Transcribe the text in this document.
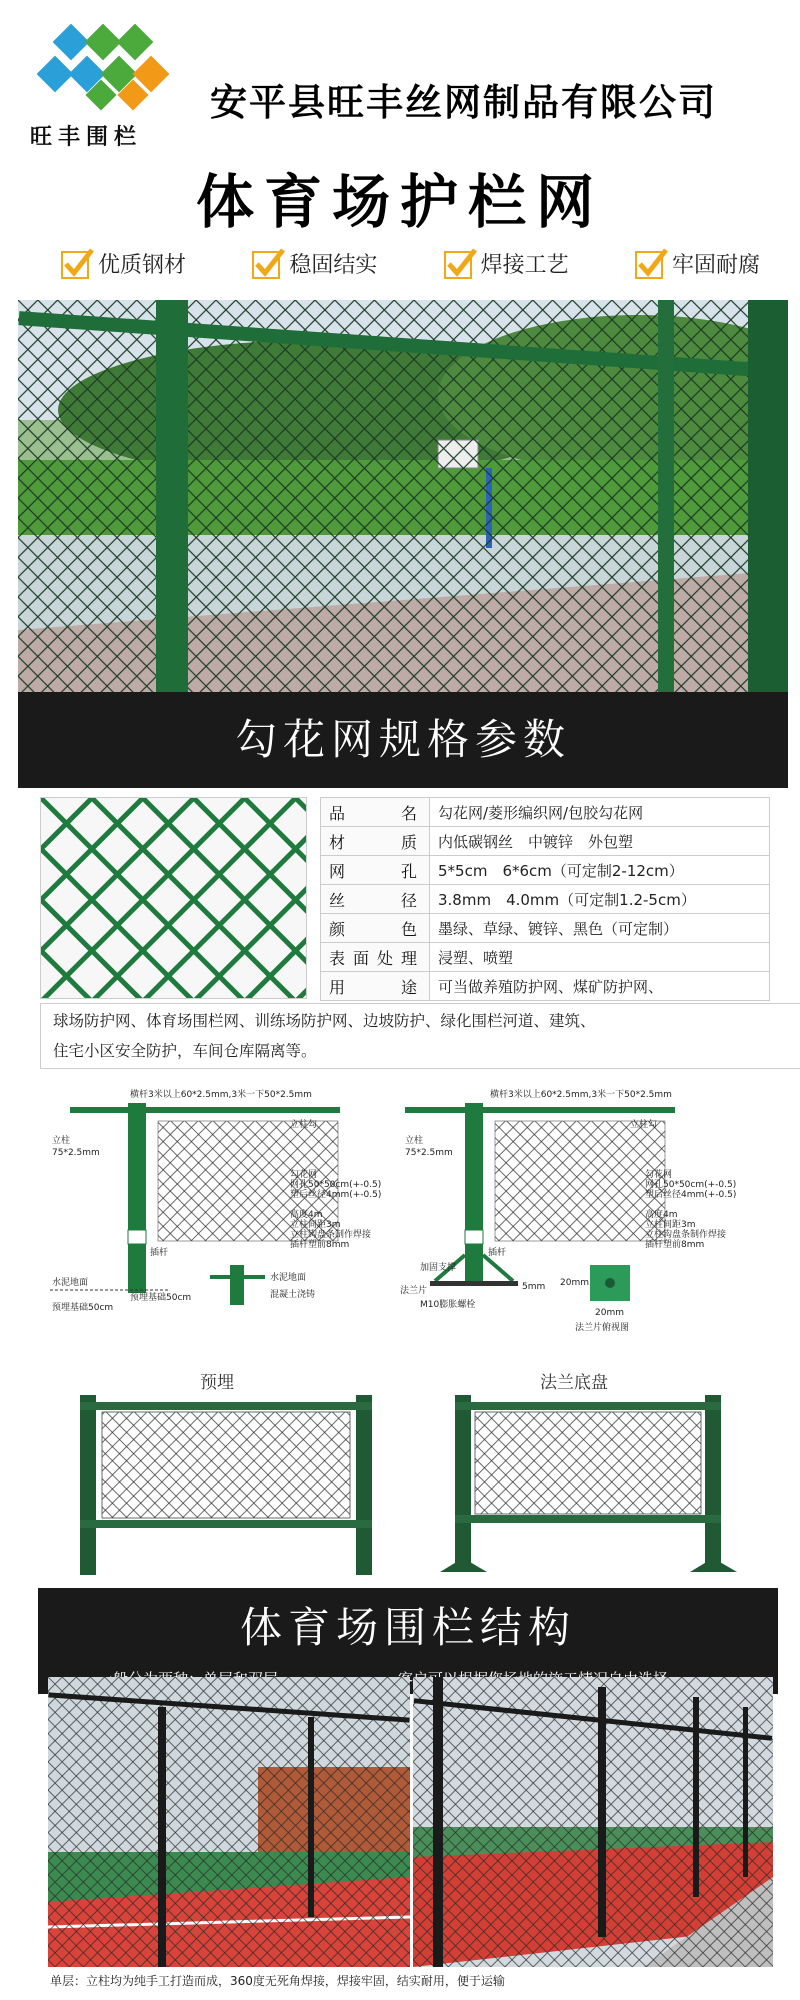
旺丰围栏
安平县旺丰丝网制品有限公司
体育场护栏网
优质钢材	稳固结实	焊接工艺	牢固耐腐
勾花网规格参数
品名	勾花网/菱形编织网/包胶勾花网
材质	内低碳钢丝　中镀锌　外包塑
网孔	5*5cm　6*6cm（可定制2-12cm）
丝径	3.8mm　4.0mm（可定制1.2-5cm）
颜色	墨绿、草绿、镀锌、黑色（可定制）
表面处理	浸塑、喷塑
用途	可当做养殖防护网、煤矿防护网、
球场防护网、体育场围栏网、训练场防护网、边坡防护、绿化围栏河道、建筑、
住宅小区安全防护，车间仓库隔离等。
横杆3米以上60*2.5mm,3米一下50*2.5mm
立柱勾
立柱
75*2.5mm
勾花网
网孔50*50cm(+-0.5)
塑后丝径4mm(+-0.5)
高度4m
立柱间距3m
立柱钩盘条制作焊接
插杆塑前8mm
插杆
水泥地面
预埋基础50cm
预埋基础50cm
水泥地面
混凝土浇铸
横杆3米以上60*2.5mm,3米一下50*2.5mm
立柱勾
立柱
75*2.5mm
勾花网
网孔50*50cm(+-0.5)
塑后丝径4mm(+-0.5)
高度4m
立柱间距3m
立柱钩盘条制作焊接
插杆塑前8mm
插杆
加固支撑
法兰片
M10膨胀螺栓
5mm 20mm
20mm
法兰片俯视图
预埋	法兰底盘
体育场围栏结构
单层：立柱均为纯手工打造而成，360度无死角焊接，焊接牢固，结实耐用，便于运输
